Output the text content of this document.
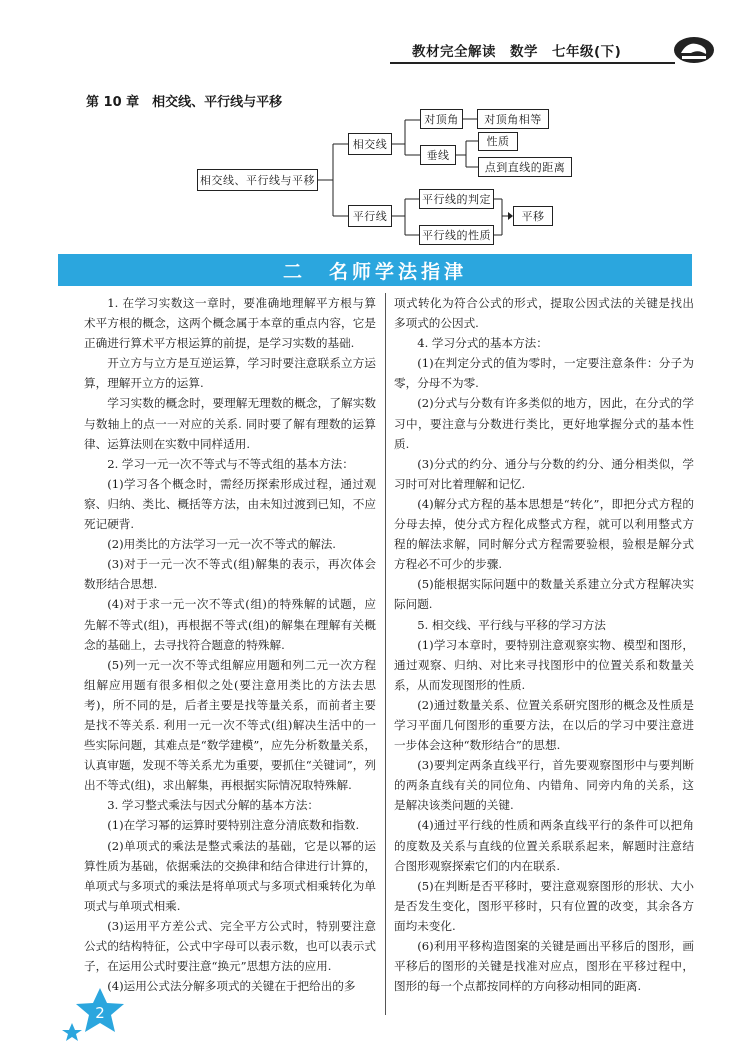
教材完全解读　数学　七年级(下)
第 10 章　相交线、平行线与平移
相交线、平行线与平移
相交线
对顶角	对顶角相等
垂线
性质
点到直线的距离
平行线
平行线的判定
平行线的性质
平移
二　名师学法指津

1. 在学习实数这一章时，要准确地理解平方根与算术平方根的概念，这两个概念属于本章的重点内容，它是正确进行算术平方根运算的前提，是学习实数的基础.

开立方与立方是互逆运算，学习时要注意联系立方运算，理解开立方的运算.

学习实数的概念时，要理解无理数的概念，了解实数与数轴上的点一一对应的关系. 同时要了解有理数的运算律、运算法则在实数中同样适用.

2. 学习一元一次不等式与不等式组的基本方法：

(1)学习各个概念时，需经历探索形成过程，通过观察、归纳、类比、概括等方法，由未知过渡到已知，不应死记硬背.

(2)用类比的方法学习一元一次不等式的解法.

(3)对于一元一次不等式(组)解集的表示，再次体会数形结合思想.

(4)对于求一元一次不等式(组)的特殊解的试题，应先解不等式(组)，再根据不等式(组)的解集在理解有关概念的基础上，去寻找符合题意的特殊解.

(5)列一元一次不等式组解应用题和列二元一次方程组解应用题有很多相似之处(要注意用类比的方法去思考)，所不同的是，后者主要是找等量关系，而前者主要是找不等关系. 利用一元一次不等式(组)解决生活中的一些实际问题，其难点是“数学建模”，应先分析数量关系，认真审题，发现不等关系尤为重要，要抓住“关键词”，列出不等式(组)，求出解集，再根据实际情况取特殊解.

3. 学习整式乘法与因式分解的基本方法：

(1)在学习幂的运算时要特别注意分清底数和指数.

(2)单项式的乘法是整式乘法的基础，它是以幂的运算性质为基础，依据乘法的交换律和结合律进行计算的，单项式与多项式的乘法是将单项式与多项式相乘转化为单项式与单项式相乘.

(3)运用平方差公式、完全平方公式时，特别要注意公式的结构特征，公式中字母可以表示数，也可以表示式子，在运用公式时要注意“换元”思想方法的应用.

(4)运用公式法分解多项式的关键在于把给出的多

项式转化为符合公式的形式，提取公因式法的关键是找出多项式的公因式.

4. 学习分式的基本方法：

(1)在判定分式的值为零时，一定要注意条件：分子为零，分母不为零.

(2)分式与分数有许多类似的地方，因此，在分式的学习中，要注意与分数进行类比，更好地掌握分式的基本性质.

(3)分式的约分、通分与分数的约分、通分相类似，学习时可对比着理解和记忆.

(4)解分式方程的基本思想是“转化”，即把分式方程的分母去掉，使分式方程化成整式方程，就可以利用整式方程的解法求解，同时解分式方程需要验根，验根是解分式方程必不可少的步骤.

(5)能根据实际问题中的数量关系建立分式方程解决实际问题.

5. 相交线、平行线与平移的学习方法

(1)学习本章时，要特别注意观察实物、模型和图形，通过观察、归纳、对比来寻找图形中的位置关系和数量关系，从而发现图形的性质.

(2)通过数量关系、位置关系研究图形的概念及性质是学习平面几何图形的重要方法，在以后的学习中要注意进一步体会这种“数形结合”的思想.

(3)要判定两条直线平行，首先要观察图形中与要判断的两条直线有关的同位角、内错角、同旁内角的关系，这是解决该类问题的关键.

(4)通过平行线的性质和两条直线平行的条件可以把角的度数及关系与直线的位置关系联系起来，解题时注意结合图形观察探索它们的内在联系.

(5)在判断是否平移时，要注意观察图形的形状、大小是否发生变化，图形平移时，只有位置的改变，其余各方面均未变化.

(6)利用平移构造图案的关键是画出平移后的图形，画平移后的图形的关键是找准对应点，图形在平移过程中，图形的每一个点都按同样的方向移动相同的距离.

2
